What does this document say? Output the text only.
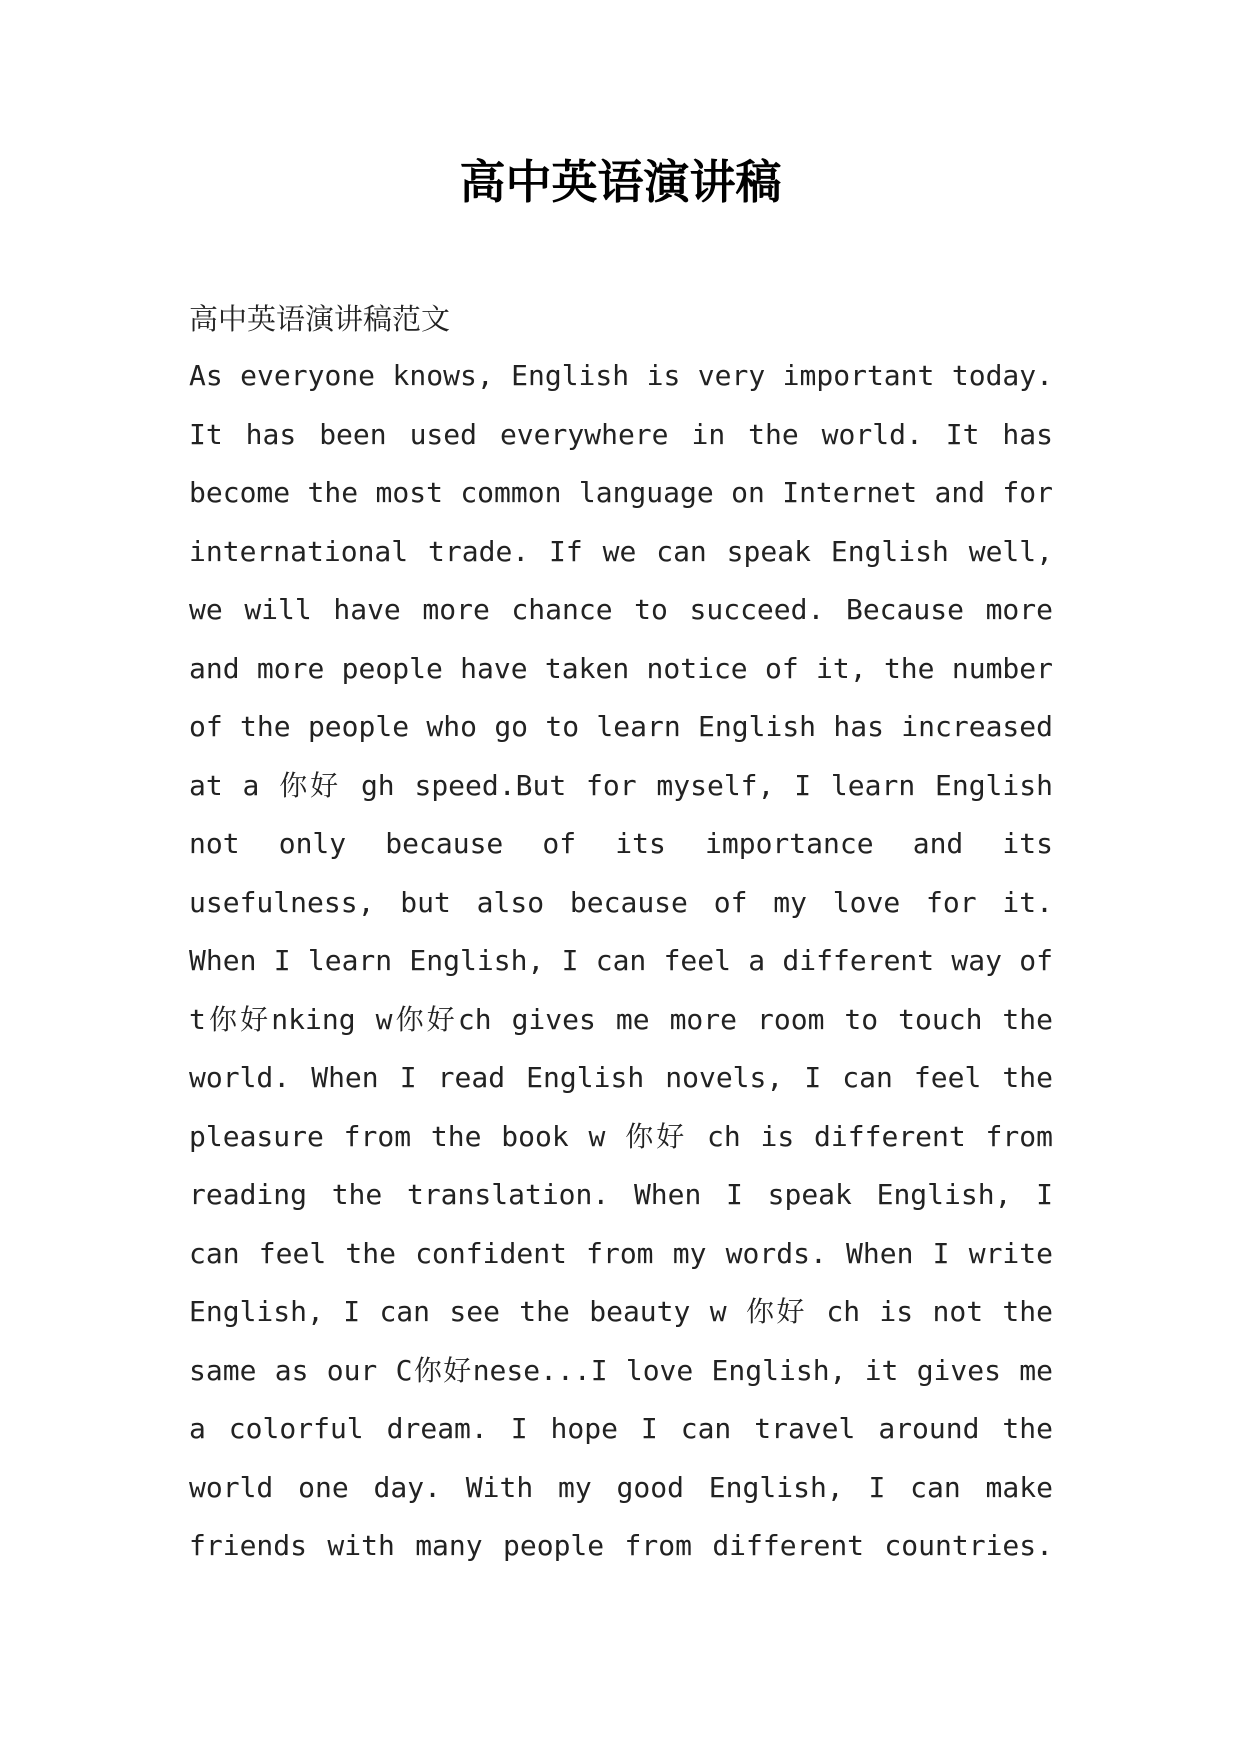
高中英语演讲稿
高中英语演讲稿范文
As everyone knows, English is very important today.
It has been used everywhere in the world. It has
become the most common language on Internet and for
international trade. If we can speak English well,
we will have more chance to succeed. Because more
and more people have taken notice of it, the number
of the people who go to learn English has increased
at a 你好 gh speed.But for myself, I learn English
not only because of its importance and its
usefulness, but also because of my love for it.
When I learn English, I can feel a different way of
t你好nking w你好ch gives me more room to touch the
world. When I read English novels, I can feel the
pleasure from the book w 你好 ch is different from
reading the translation. When I speak English, I
can feel the confident from my words. When I write
English, I can see the beauty w 你好 ch is not the
same as our C你好nese...I love English, it gives me
a colorful dream. I hope I can travel around the
world one day. With my good English, I can make
friends with many people from different countries.
